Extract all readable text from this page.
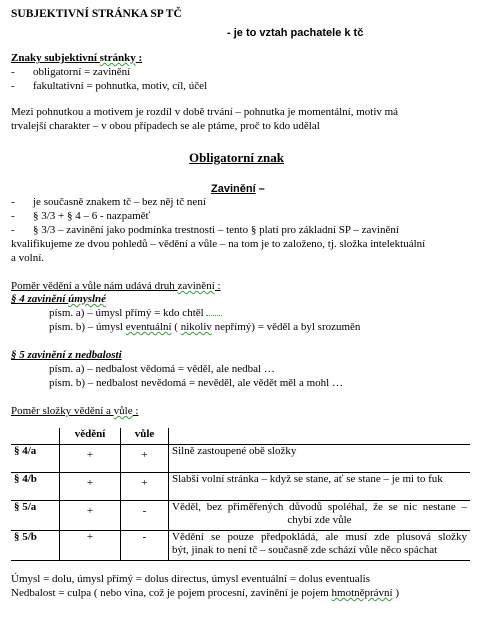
SUBJEKTIVNÍ STRÁNKA SP TČ
- je to vztah pachatele k tč
Znaky subjektivní stránky :
- obligatorní = zavinění
- fakultativní = pohnutka, motiv, cíl, účel
Mezi pohnutkou a motivem je rozdíl v době trvání – pohnutka je momentální, motiv má
trvalejší charakter – v obou případech se ale ptáme, proč to kdo udělal
Obligatorní znak
Zavinění –
- je současně znakem tč – bez něj tč není
- § 3/3 + § 4 – 6 - nazpaměť
- § 3/3 – zavinění jako podmínka trestnosti – tento § platí pro základní SP – zavinění
kvalifikujeme ze dvou pohledů – vědění a vůle – na tom je to založeno, tj. složka intelektuální
a volní.
Poměr vědění a vůle nám udává druh zavinění :
§ 4 zavinění úmyslné
písm. a) – úmysl přímý = kdo chtěl
písm. b) – úmysl eventuální ( nikoliv nepřímý) = věděl a byl srozuměn
§ 5 zavinění z nedbalosti
písm. a) – nedbalost vědomá = věděl, ale nedbal …
písm. b) – nedbalost nevědomá = nevěděl, ale vědět měl a mohl …
Poměr složky vědění a vůle :
	vědění	vůle	
§ 4/a	+	+	Silně zastoupené obě složky
§ 4/b	+	+	Slabší volní stránka – když se stane, ať se stane – je mi to fuk
§ 5/a	+	-	Věděl, bez přiměřených důvodů spoléhal, že se nic nestane –
chybí zde vůle

§ 5/b	+	-	Vědění se pouze předpokládá, ale musí zde plusová složky
být, jinak to není tč – současně zde schází vůle něco spáchat
Úmysl = dolu, úmysl přímý = dolus directus, úmysl eventuální = dolus eventualis
Nedbalost = culpa ( nebo vina, což je pojem procesní, zavinění je pojem hmotněprávní )
